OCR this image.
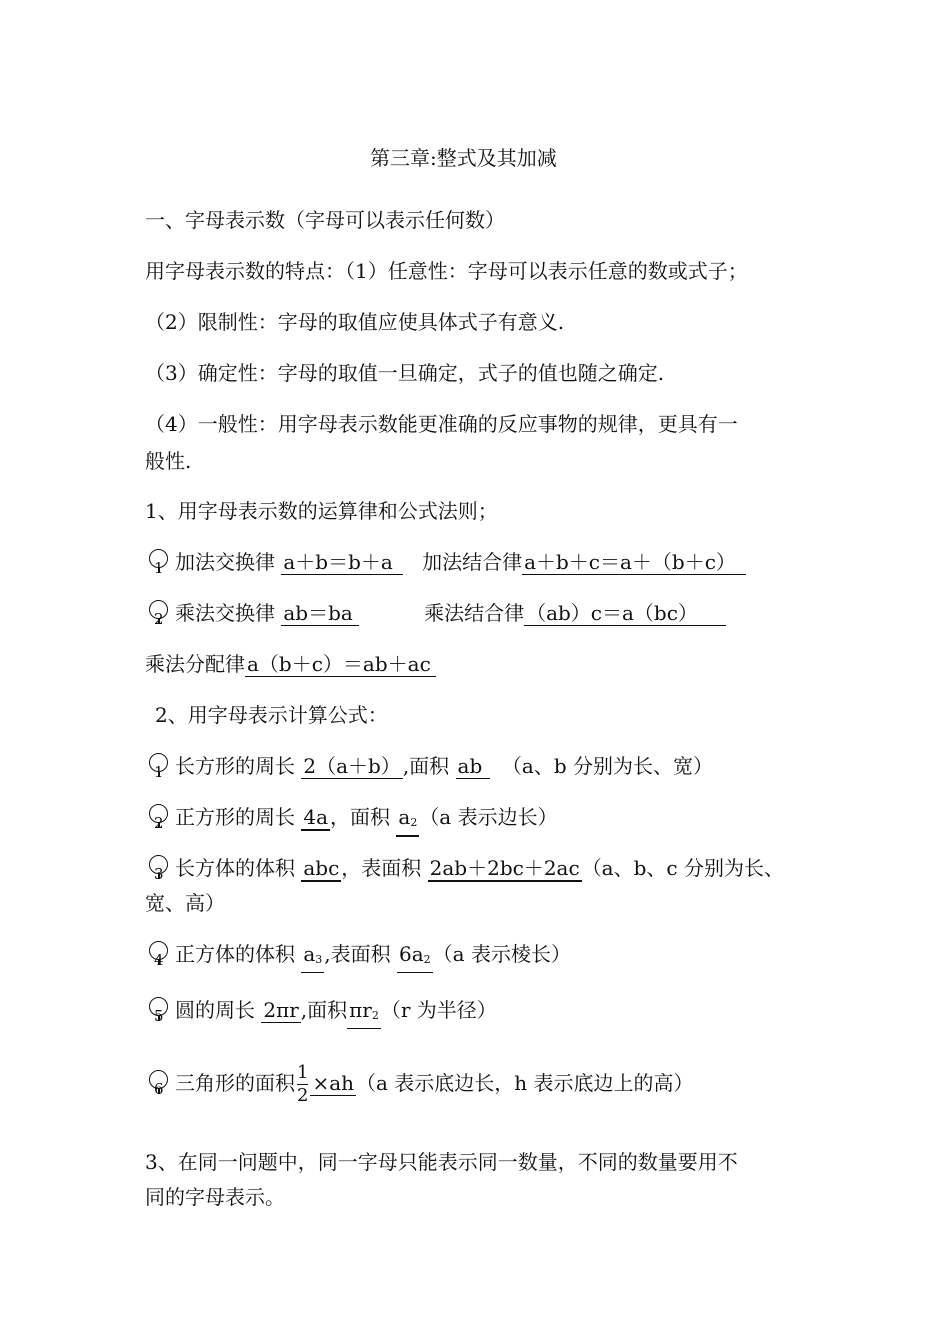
第三章:整式及其加减
一、字母表示数（字母可以表示任何数）
用字母表示数的特点：（1）任意性：字母可以表示任意的数或式子；
（2）限制性：字母的取值应使具体式子有意义.
（3）确定性：字母的取值一旦确定，式子的值也随之确定.
（4）一般性：用字母表示数能更准确的反应事物的规律，更具有一
般性.
1、用字母表示数的运算律和公式法则；
1 加法交换律 a＋b＝b＋a 加法结合律 a＋b＋c＝a＋（b＋c）
2 乘法交换律 ab＝ba	乘法结合律 （ab）c＝a（bc）
乘法分配律 a（b＋c）＝ab＋ac
2、用字母表示计算公式：
1 长方形的周长 2（a＋b） ,面积 ab （a、b 分别为长、宽）
2 正方形的周长 4a ，面积 a2 （a 表示边长）
3 长方体的体积 abc ，表面积 2ab＋2bc＋2ac （a、b、c 分别为长、
宽、高）
4 正方体的体积 a3 ,表面积 6a2 （a 表示棱长）
5 圆的周长 2πr ,面积 πr2 （r 为半径）
6 三角形的面积 $\frac{1}{2} \times ah$ （a 表示底边长，h 表示底边上的高）
3、在同一问题中，同一字母只能表示同一数量，不同的数量要用不
同的字母表示。
